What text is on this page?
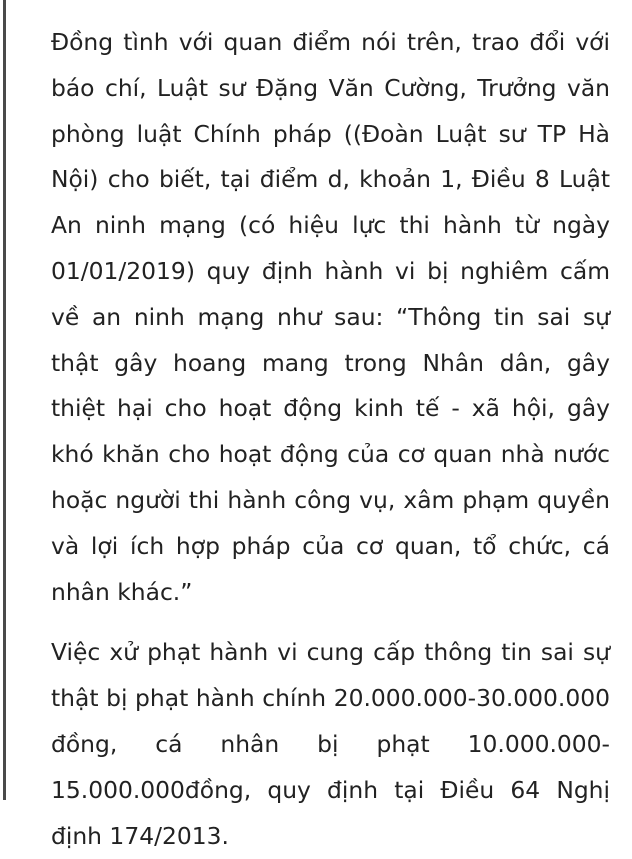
Đồng tình với quan điểm nói trên, trao đổi với báo chí, Luật sư Đặng Văn Cường, Trưởng văn phòng luật Chính pháp ((Đoàn Luật sư TP Hà Nội) cho biết, tại điểm d, khoản 1, Điều 8 Luật An ninh mạng (có hiệu lực thi hành từ ngày 01/01/2019) quy định hành vi bị nghiêm cấm về an ninh mạng như sau: “Thông tin sai sự thật gây hoang mang trong Nhân dân, gây thiệt hại cho hoạt động kinh tế - xã hội, gây khó khăn cho hoạt động của cơ quan nhà nước hoặc người thi hành công vụ, xâm phạm quyền và lợi ích hợp pháp của cơ quan, tổ chức, cá nhân khác.”

Việc xử phạt hành vi cung cấp thông tin sai sự thật bị phạt hành chính 20.000.000-30.000.000 đồng, cá nhân bị phạt 10.000.000-15.000.000đồng, quy định tại Điều 64 Nghị định 174/2013.
